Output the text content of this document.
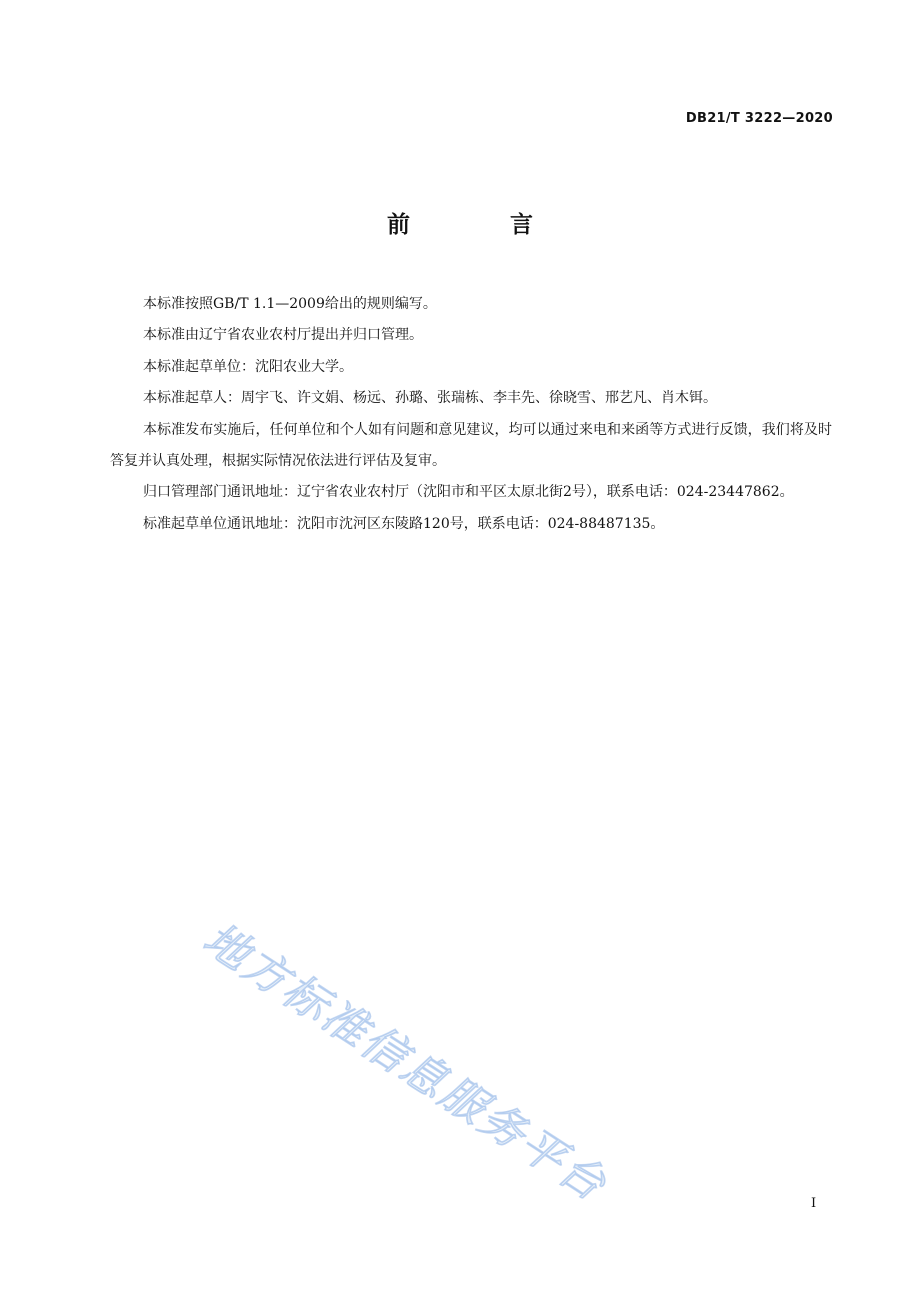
DB21/T 3222—2020
前 言

本标准按照GB/T 1.1—2009给出的规则编写。

本标准由辽宁省农业农村厅提出并归口管理。

本标准起草单位：沈阳农业大学。

本标准起草人：周宇飞、许文娟、杨远、孙璐、张瑞栋、李丰先、徐晓雪、邢艺凡、肖木铒。

本标准发布实施后，任何单位和个人如有问题和意见建议，均可以通过来电和来函等方式进行反馈，我们将及时答复并认真处理，根据实际情况依法进行评估及复审。

归口管理部门通讯地址：辽宁省农业农村厅（沈阳市和平区太原北街2号），联系电话：024-23447862。

标准起草单位通讯地址：沈阳市沈河区东陵路120号，联系电话：024-88487135。

地方标准信息服务平台	I
